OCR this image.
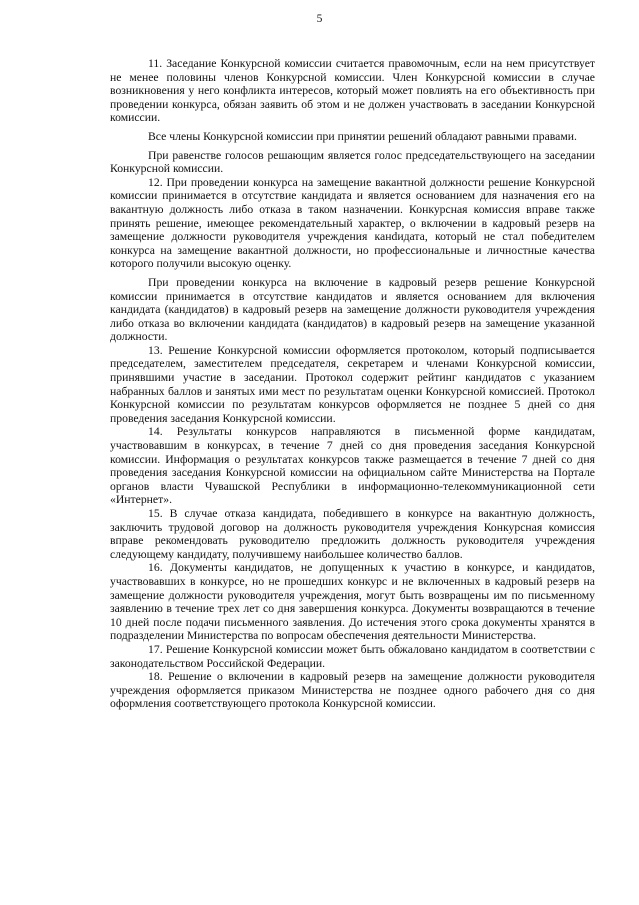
5

11. Заседание Конкурсной комиссии считается правомочным, если на нем присутствует не менее половины членов Конкурсной комиссии. Член Конкурсной комиссии в случае возникновения у него конфликта интересов, который может повлиять на его объективность при проведении конкурса, обязан заявить об этом и не должен участвовать в заседании Конкурсной комиссии.

Все члены Конкурсной комиссии при принятии решений обладают равными правами.

При равенстве голосов решающим является голос председательствующего на заседании Конкурсной комиссии.

12. При проведении конкурса на замещение вакантной должности решение Конкурсной комиссии принимается в отсутствие кандидата и является основанием для назначения его на вакантную должность либо отказа в таком назначении. Конкурсная комиссия вправе также принять решение, имеющее рекомендательный характер, о включении в кадровый резерв на замещение должности руководителя учреждения канdидата, который не стал победителем конкурса на замещение вакантной должности, но профессиональные и личностные качества которого получили высокую оценку.

При проведении конкурса на включение в кадровый резерв решение Конкурсной комиссии принимается в отсутствие кандидатов и является основанием для включения кандидата (кандидатов) в кадровый резерв на замещение должности руководителя учреждения либо отказа во включении кандидата (кандидатов) в кадровый резерв на замещение указанной должности.

13. Решение Конкурсной комиссии оформляется протоколом, который подписывается председателем, заместителем председателя, секретарем и членами Конкурсной комиссии, принявшими участие в заседании. Протокол содержит рейтинг кандидатов с указанием набранных баллов и занятых ими мест по результатам оценки Конкурсной комиссией. Протокол Конкурсной комиссии по результатам конкурсов оформляется не позднее 5 дней со дня проведения заседания Конкурсной комиссии.

14. Результаты конкурсов направляются в письменной форме кандидатам, участвовавшим в конкурсах, в течение 7 дней со дня проведения заседания Конкурсной комиссии. Информация о результатах конкурсов также размещается в течение 7 дней со дня проведения заседания Конкурсной комиссии на официальном сайте Министерства на Портале органов власти Чувашской Республики в информационно-телекоммуникационной сети «Интернет».

15. В случае отказа кандидата, победившего в конкурсе на вакантную должность, заключить трудовой договор на должность руководителя учреждения Конкурсная комиссия вправе рекомендовать руководителю предложить должность руководителя учреждения следующему кандидату, получившему наибольшее количество баллов.

16. Документы кандидатов, не допущенных к участию в конкурсе, и кандидатов, участвовавших в конкурсе, но не прошедших конкурс и не включенных в кадровый резерв на замещение должности руководителя учреждения, могут быть возвращены им по письменному заявлению в течение трех лет со дня завершения конкурса. Документы возвращаются в течение 10 дней после подачи письменного заявления. До истечения этого срока документы хранятся в подразделении Министерства по вопросам обеспечения деятельности Министерства.

17. Решение Конкурсной комиссии может быть обжаловано кандидатом в соответствии с законодательством Российской Федерации.

18. Решение о включении в кадровый резерв на замещение должности руководителя учреждения оформляется приказом Министерства не позднее одного рабочего дня со дня оформления соответствующего протокола Конкурсной комиссии.
